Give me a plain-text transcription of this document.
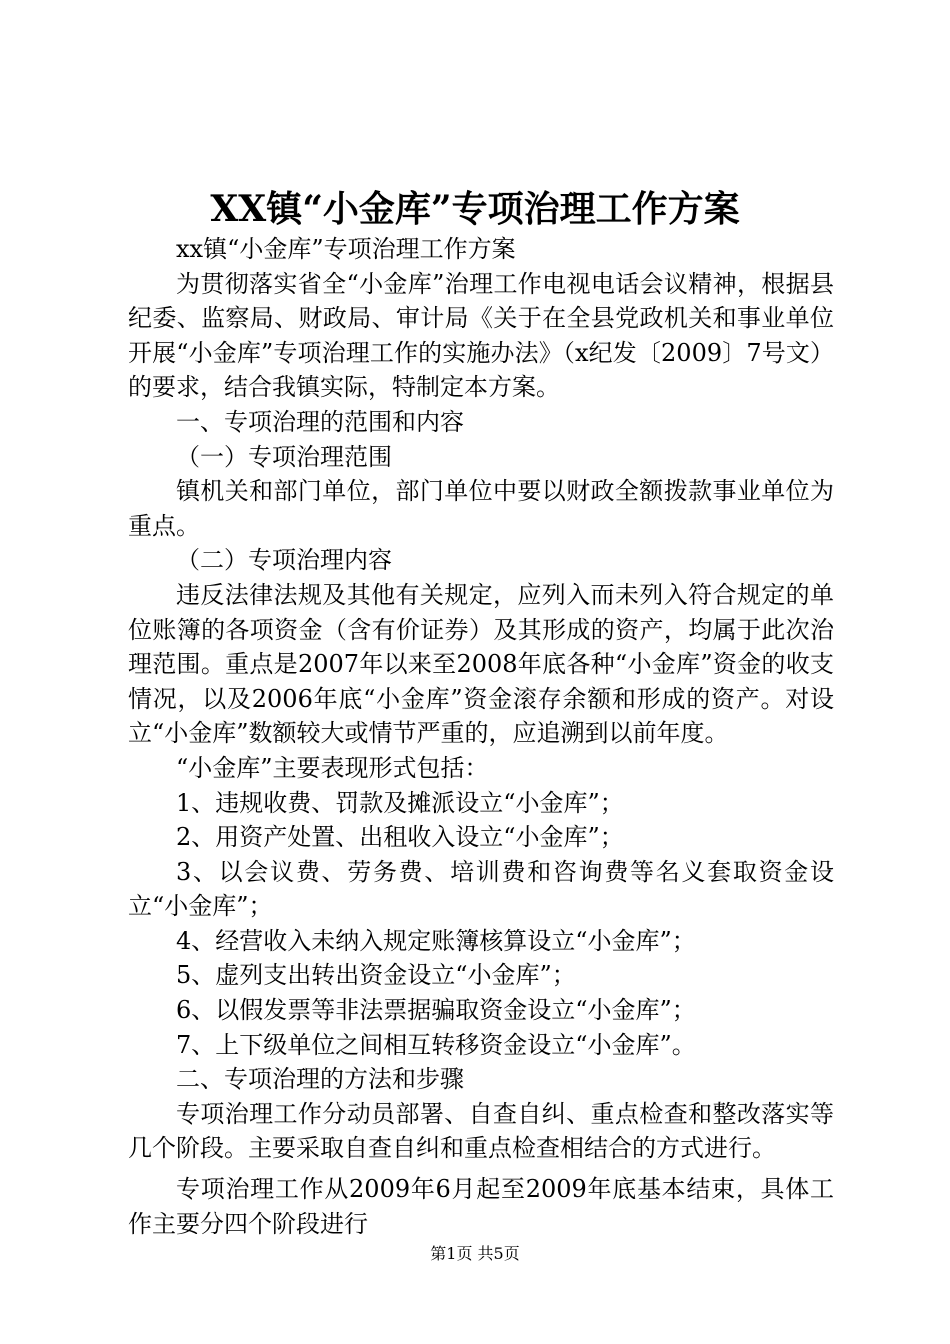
XX镇“小金库”专项治理工作方案

xx镇“小金库”专项治理工作方案

为贯彻落实省全“小金库”治理工作电视电话会议精神，根据县纪委、监察局、财政局、审计局《关于在全县党政机关和事业单位开展“小金库”专项治理工作的实施办法》（x纪发〔2009〕7号文）的要求，结合我镇实际，特制定本方案。

一、专项治理的范围和内容

（一）专项治理范围

镇机关和部门单位，部门单位中要以财政全额拨款事业单位为重点。

（二）专项治理内容

违反法律法规及其他有关规定，应列入而未列入符合规定的单位账簿的各项资金（含有价证券）及其形成的资产，均属于此次治理范围。重点是2007年以来至2008年底各种“小金库”资金的收支情况，以及2006年底“小金库”资金滚存余额和形成的资产。对设立“小金库”数额较大或情节严重的，应追溯到以前年度。

“小金库”主要表现形式包括：

1、违规收费、罚款及摊派设立“小金库”；

2、用资产处置、出租收入设立“小金库”；

3、以会议费、劳务费、培训费和咨询费等名义套取资金设立“小金库”；

4、经营收入未纳入规定账簿核算设立“小金库”；

5、虚列支出转出资金设立“小金库”；

6、以假发票等非法票据骗取资金设立“小金库”；

7、上下级单位之间相互转移资金设立“小金库”。

二、专项治理的方法和步骤

专项治理工作分动员部署、自查自纠、重点检查和整改落实等几个阶段。主要采取自查自纠和重点检查相结合的方式进行。

专项治理工作从2009年6月起至2009年底基本结束，具体工作主要分四个阶段进行

第1页 共5页
